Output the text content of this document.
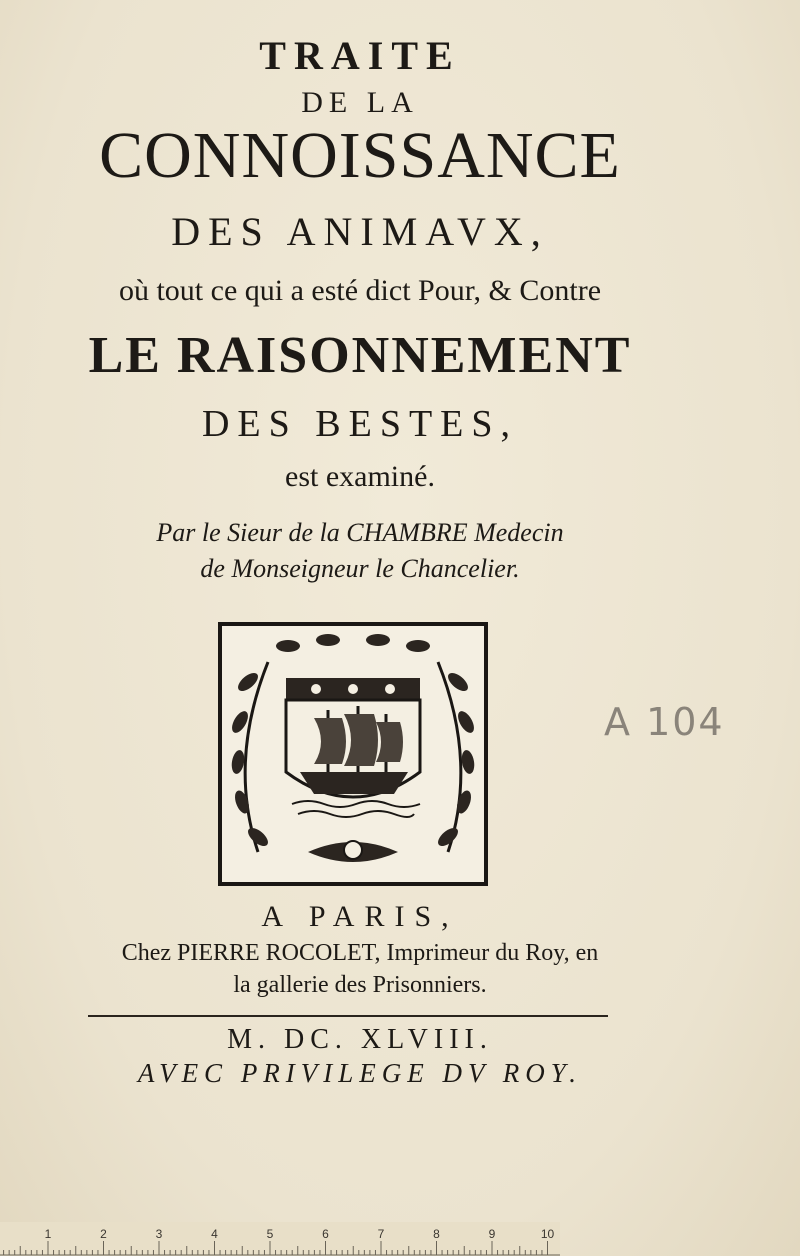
TRAITE
DE LA
CONNOISSANCE
DES ANIMAVX,
où tout ce qui a esté dict Pour, & Contre
LE RAISONNEMENT
DES BESTES,
est examiné.
Par le Sieur de la CHAMBRE Medecin
de Monseigneur le Chancelier.
A 104
A PARIS,
Chez PIERRE ROCOLET, Imprimeur du Roy, en
la gallerie des Prisonniers.
M. DC. XLVIII.
AVEC PRIVILEGE DV ROY.
1	2	3	4	5	6	7	8	9	10
